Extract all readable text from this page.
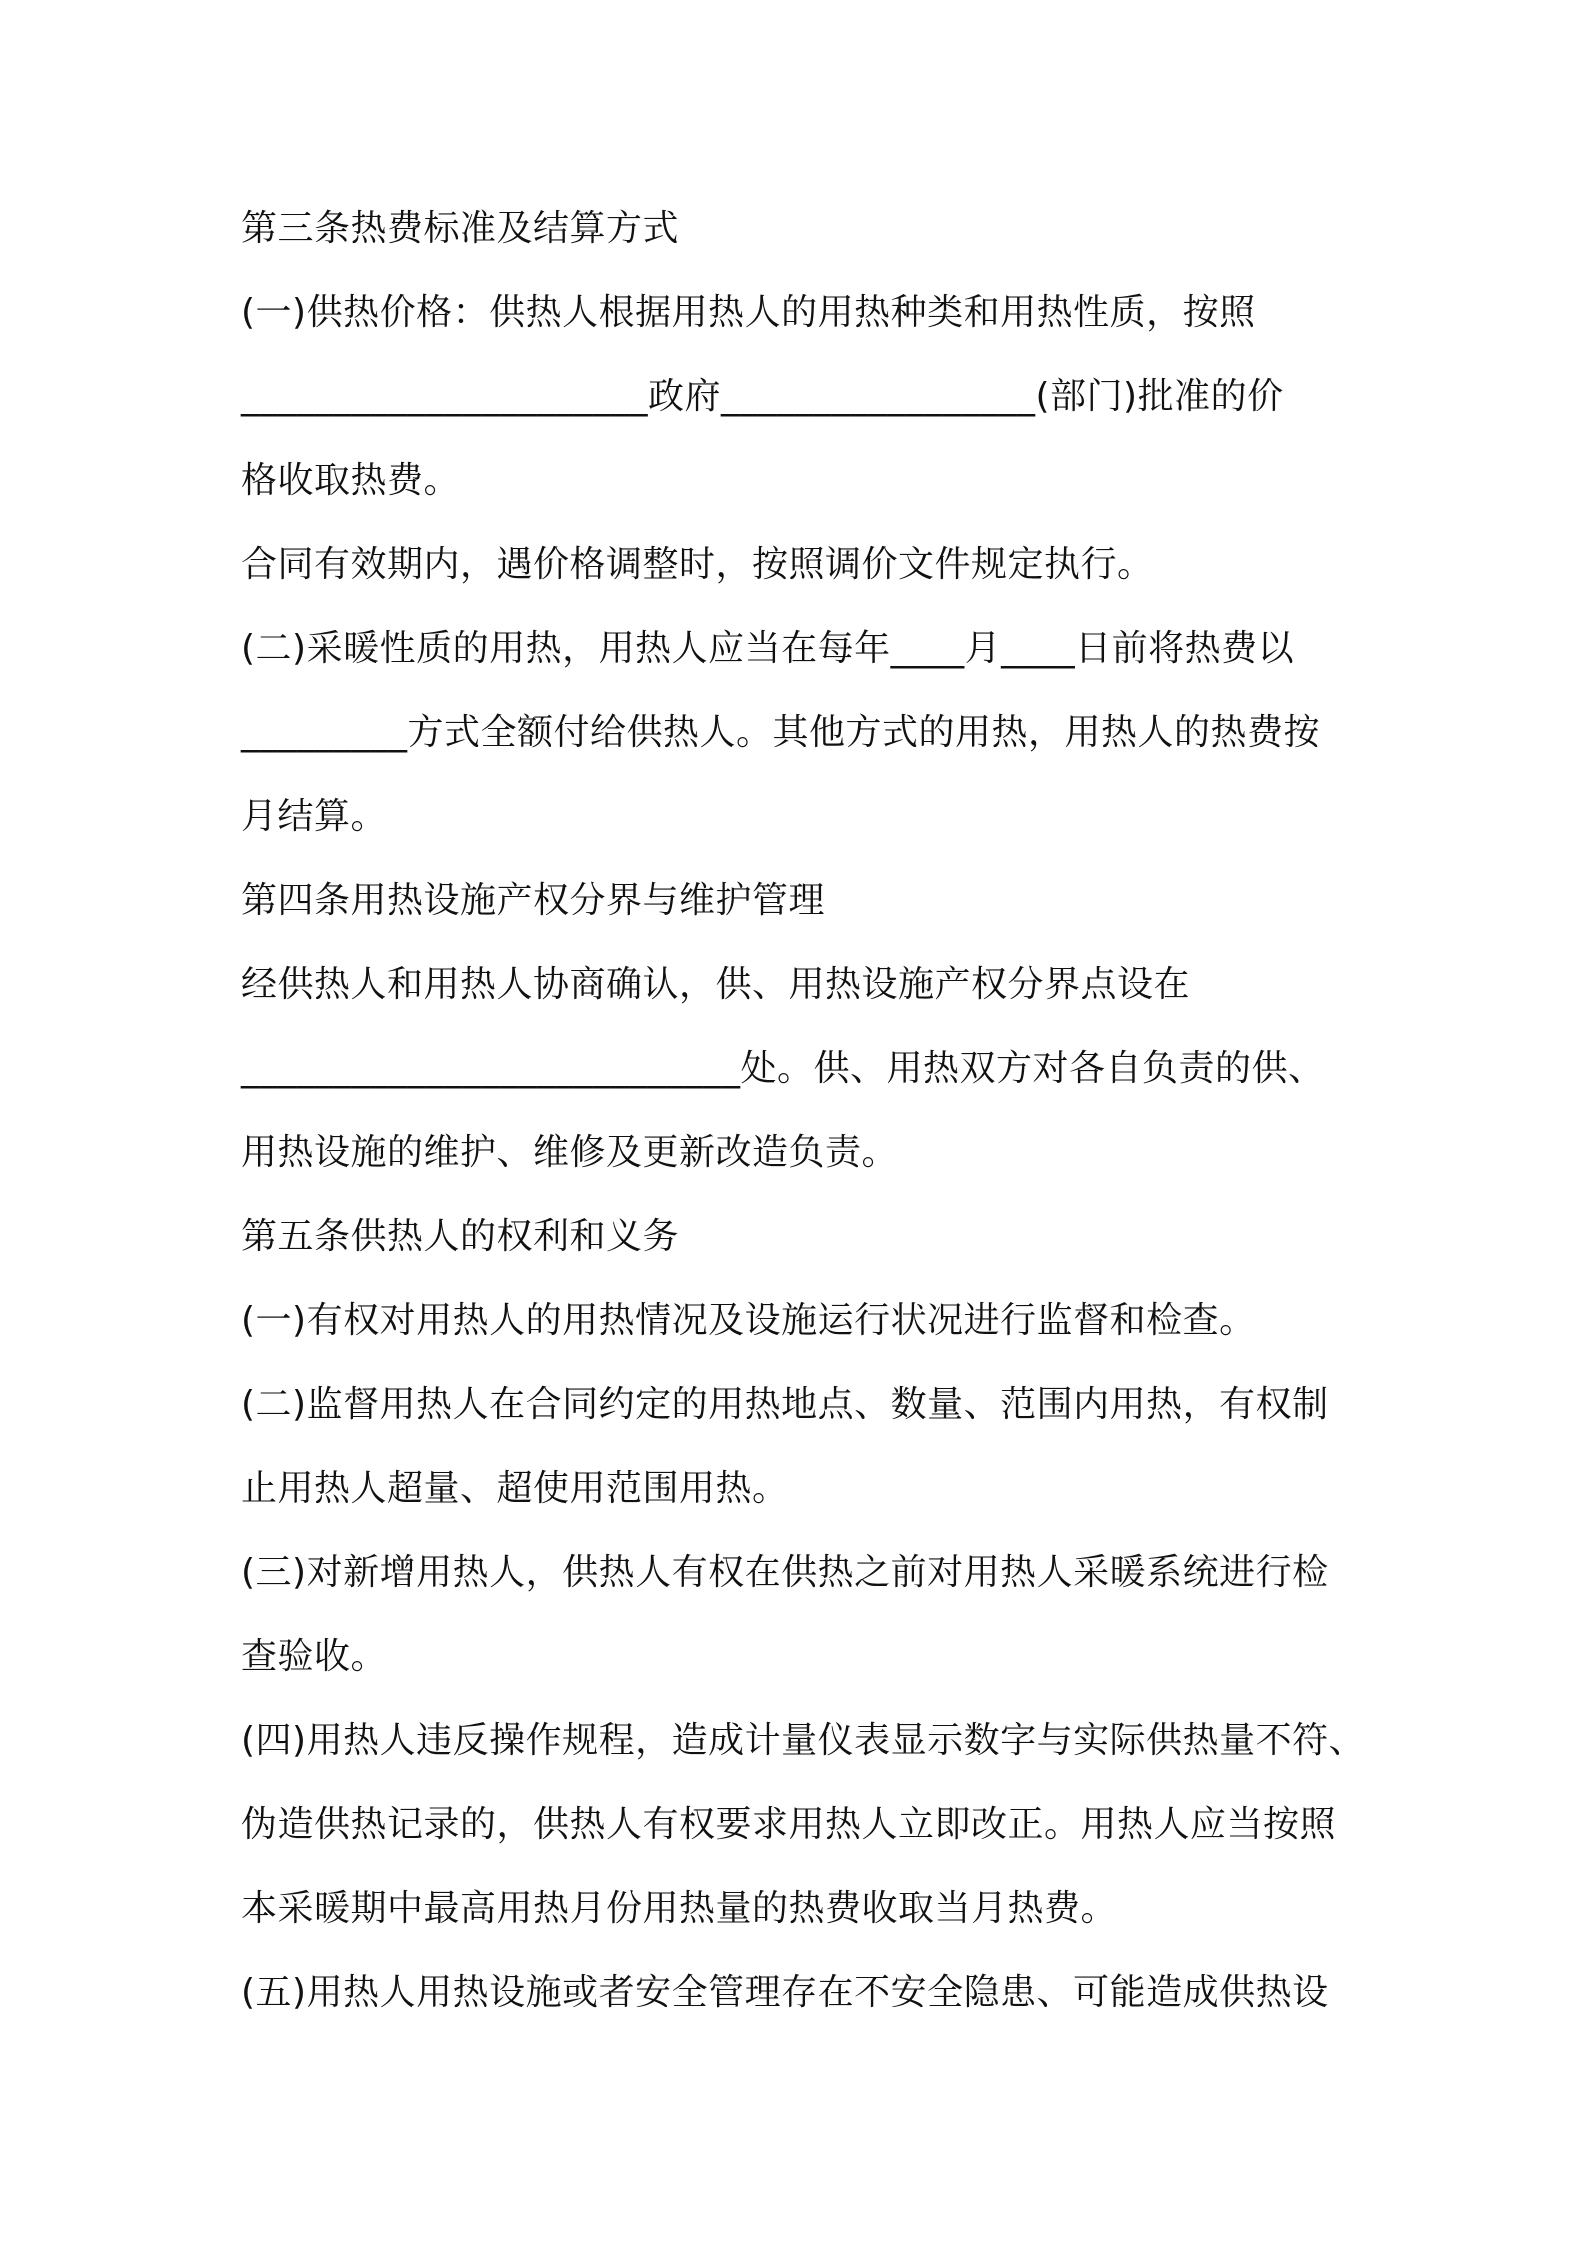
第三条热费标准及结算方式
(一)供热价格：供热人根据用热人的用热种类和用热性质，按照
______________________政府_________________(部门)批准的价
格收取热费。
合同有效期内，遇价格调整时，按照调价文件规定执行。
(二)采暖性质的用热，用热人应当在每年____月____日前将热费以
_________方式全额付给供热人。其他方式的用热，用热人的热费按
月结算。
第四条用热设施产权分界与维护管理
经供热人和用热人协商确认，供、用热设施产权分界点设在
___________________________处。供、用热双方对各自负责的供、
用热设施的维护、维修及更新改造负责。
第五条供热人的权利和义务
(一)有权对用热人的用热情况及设施运行状况进行监督和检查。
(二)监督用热人在合同约定的用热地点、数量、范围内用热，有权制
止用热人超量、超使用范围用热。
(三)对新增用热人，供热人有权在供热之前对用热人采暖系统进行检
查验收。
(四)用热人违反操作规程，造成计量仪表显示数字与实际供热量不符、
伪造供热记录的，供热人有权要求用热人立即改正。用热人应当按照
本采暖期中最高用热月份用热量的热费收取当月热费。
(五)用热人用热设施或者安全管理存在不安全隐患、可能造成供热设
